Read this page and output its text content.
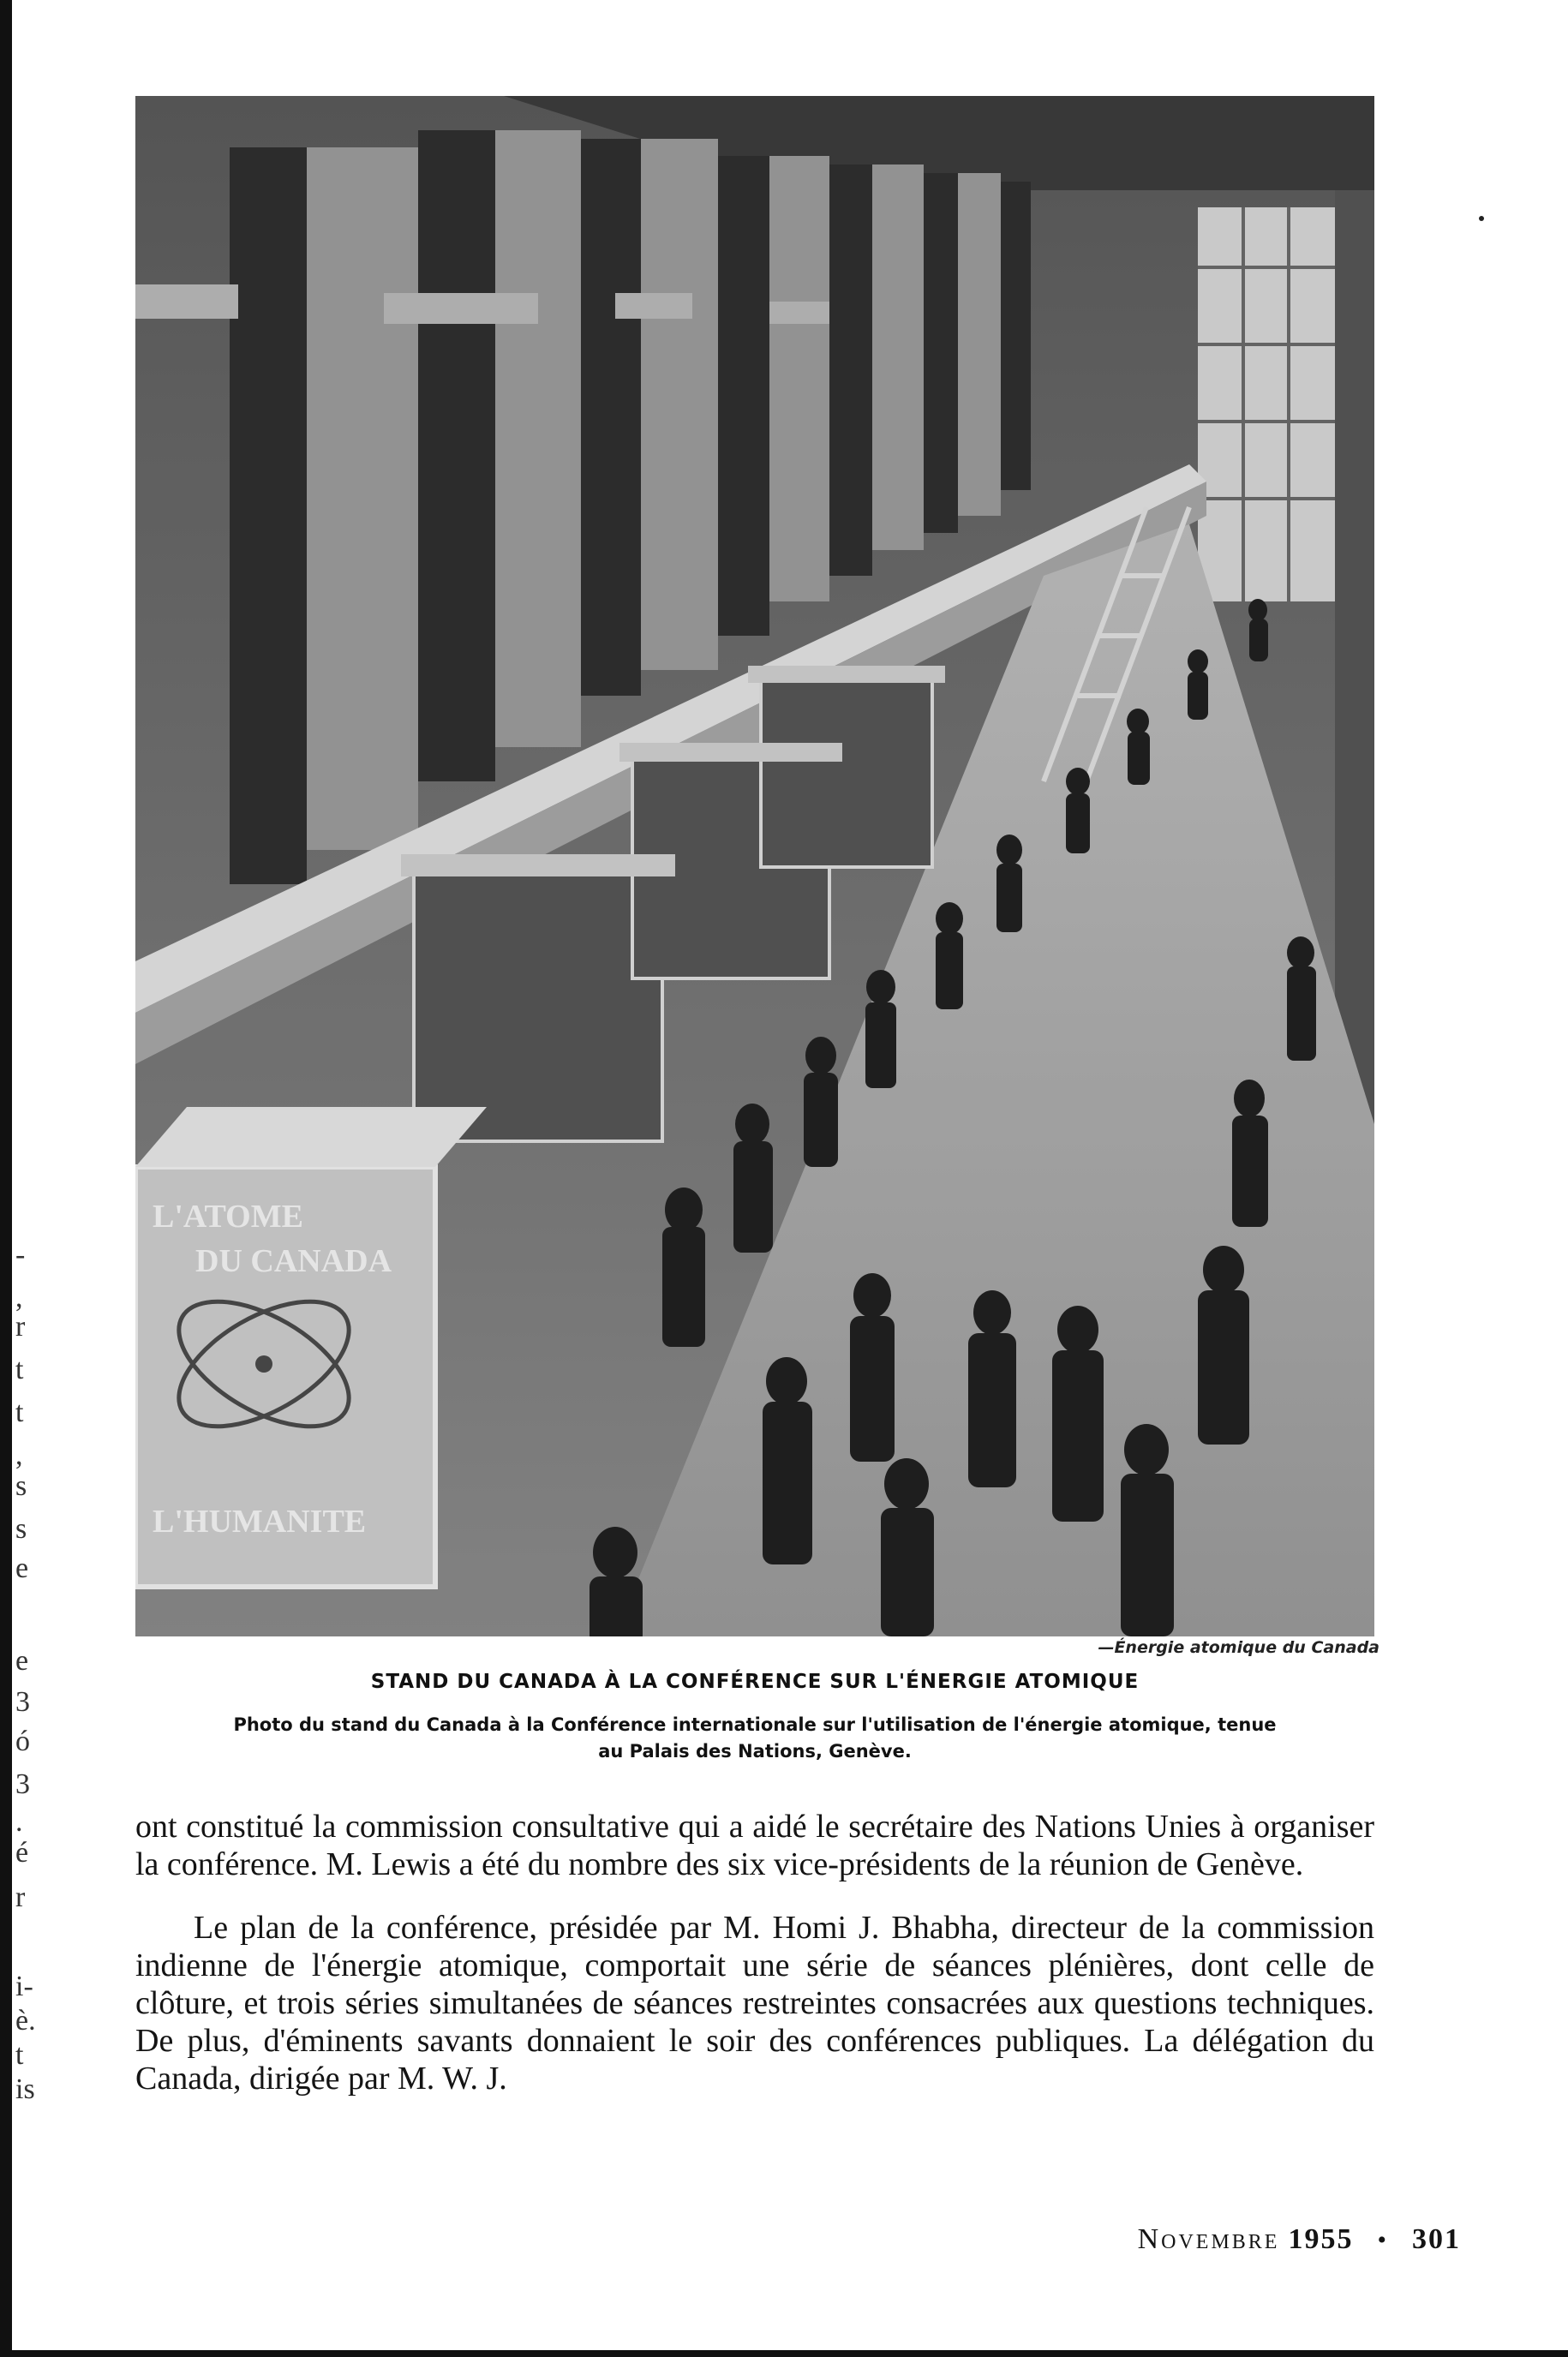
-
,
r
t
t
,
s
s
e
e
3
ó
3
.
é
r
i-
è.
t
is
L'ATOME
DU CANADA
L'HUMANITE
—Énergie atomique du Canada
STAND DU CANADA À LA CONFÉRENCE SUR L'ÉNERGIE ATOMIQUE
Photo du stand du Canada à la Conférence internationale sur l'utilisation de l'énergie atomique, tenue
au Palais des Nations, Genève.

ont constitué la commission consultative qui a aidé le secrétaire des Nations Unies à organiser la conférence. M. Lewis a été du nombre des six vice-présidents de la réunion de Genève.

Le plan de la conférence, présidée par M. Homi J. Bhabha, directeur de la commission indienne de l'énergie atomique, comportait une série de séances plénières, dont celle de clôture, et trois séries simultanées de séances restreintes consacrées aux questions techniques. De plus, d'éminents savants donnaient le soir des conférences publiques. La délégation du Canada, dirigée par M. W. J.

Novembre 1955 • 301
